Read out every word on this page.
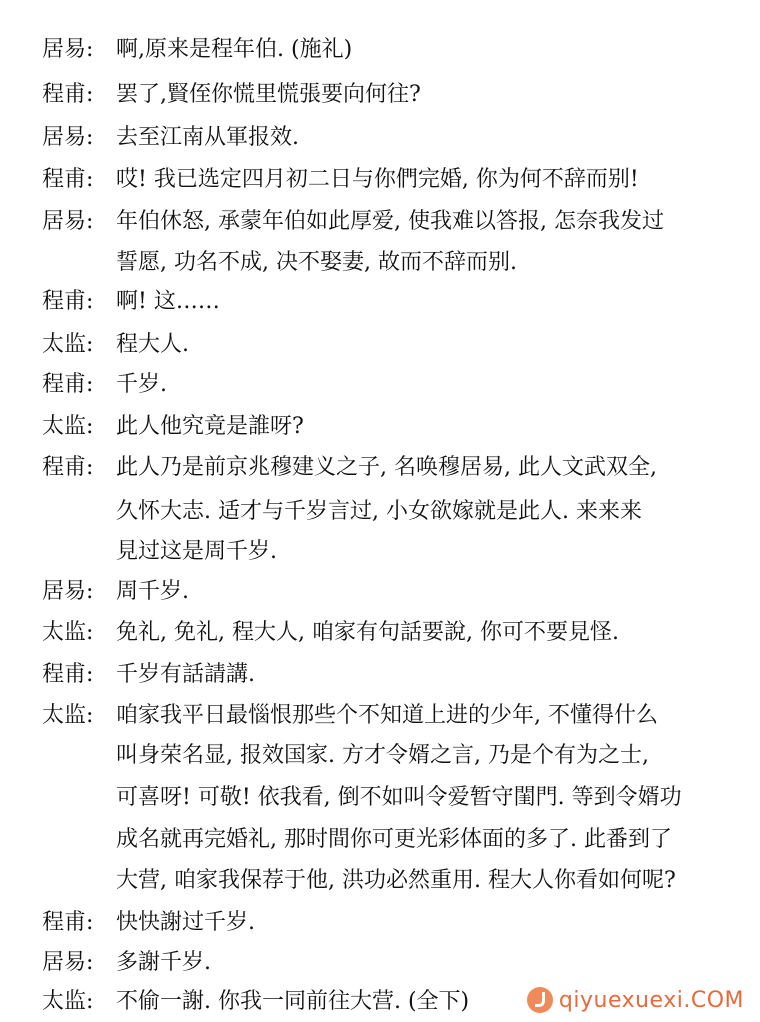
居易:	啊,原来是程年伯. (施礼)
程甫:	罢了,賢侄你慌里慌張要向何往?
居易:	去至江南从軍报效.
程甫:	哎! 我已选定四月初二日与你們完婚, 你为何不辞而别!
居易:	年伯休怒, 承蒙年伯如此厚爱, 使我难以答报, 怎奈我发过
誓愿, 功名不成, 决不娶妻, 故而不辞而别.
程甫:	啊! 这……
太监:	程大人.
程甫:	千岁.
太监:	此人他究竟是誰呀?
程甫:	此人乃是前京兆穆建义之子, 名唤穆居易, 此人文武双全,
久怀大志. 适才与千岁言过, 小女欲嫁就是此人. 来来来
見过这是周千岁.
居易:	周千岁.
太监:	免礼, 免礼, 程大人, 咱家有句話要說, 你可不要見怪.
程甫:	千岁有話請講.
太监:	咱家我平日最惱恨那些个不知道上进的少年, 不懂得什么
叫身荣名显, 报效国家. 方才令婿之言, 乃是个有为之士,
可喜呀! 可敬! 依我看, 倒不如叫令爱暂守閨門. 等到令婿功
成名就再完婚礼, 那时間你可更光彩体面的多了. 此番到了
大营, 咱家我保荐于他, 洪功必然重用. 程大人你看如何呢?
程甫:	快快謝过千岁.
居易:	多謝千岁.
太监:	不偷一謝. 你我一同前往大营. (全下)	qiyuexuexi.COM
